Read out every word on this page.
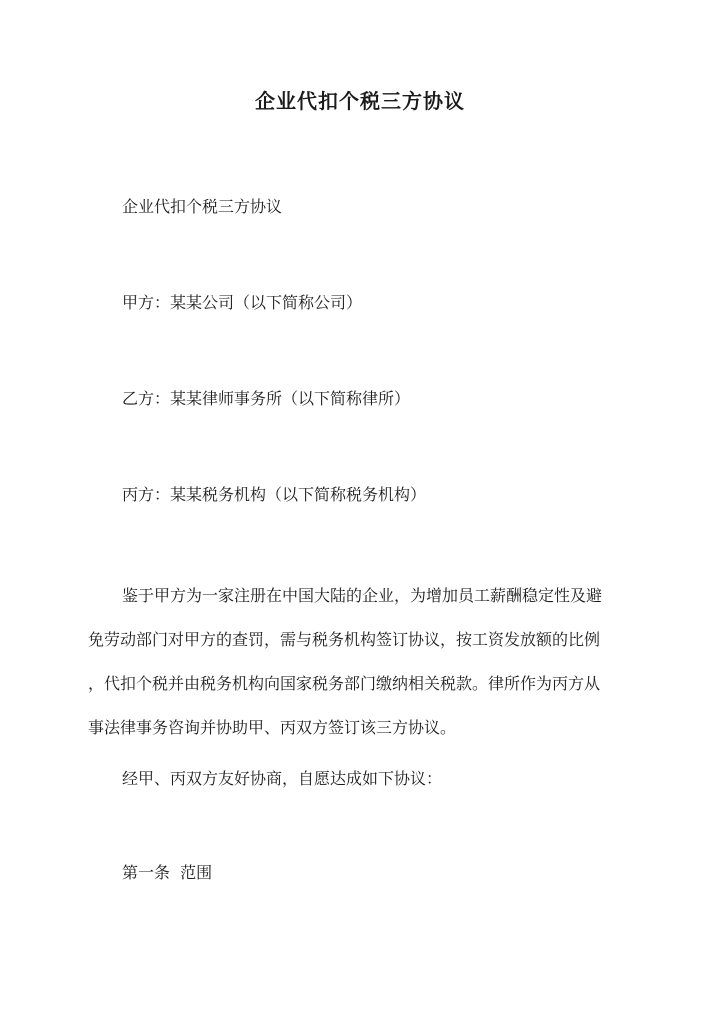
企业代扣个税三方协议
企业代扣个税三方协议
甲方：某某公司（以下简称公司）
乙方：某某律师事务所（以下简称律所）
丙方：某某税务机构（以下简称税务机构）
鉴于甲方为一家注册在中国大陆的企业，为增加员工薪酬稳定性及避
免劳动部门对甲方的查罚，需与税务机构签订协议，按工资发放额的比例
，代扣个税并由税务机构向国家税务部门缴纳相关税款。律所作为丙方从
事法律事务咨询并协助甲、丙双方签订该三方协议。
经甲、丙双方友好协商，自愿达成如下协议：
第一条  范围
